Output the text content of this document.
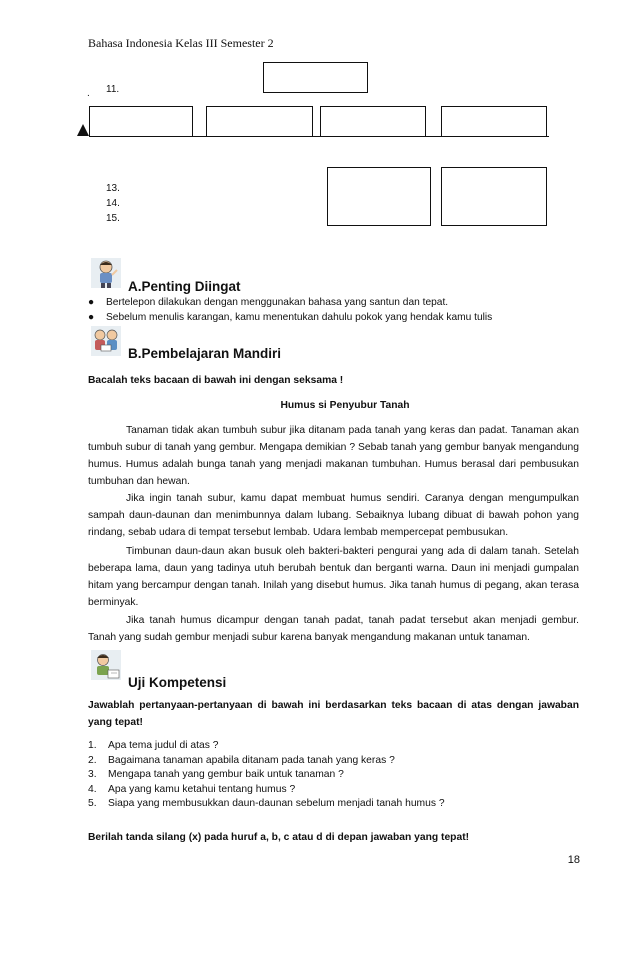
Bahasa Indonesia Kelas III Semester 2
. 11.
13.
14.
15.
A.Penting Diingat
● Bertelepon dilakukan dengan menggunakan bahasa yang santun dan tepat.
● Sebelum menulis karangan, kamu menentukan dahulu pokok yang hendak kamu tulis
B.Pembelajaran Mandiri
Bacalah teks bacaan di bawah ini dengan seksama !
Humus si Penyubur Tanah
Tanaman tidak akan tumbuh subur jika ditanam pada tanah yang keras dan padat. Tanaman akan tumbuh subur di tanah yang gembur. Mengapa demikian ? Sebab tanah yang gembur banyak mengandung humus. Humus adalah bunga tanah yang menjadi makanan tumbuhan. Humus berasal dari pembusukan tumbuhan dan hewan.
Jika ingin tanah subur, kamu dapat membuat humus sendiri. Caranya dengan mengumpulkan sampah daun-daunan dan menimbunnya dalam lubang. Sebaiknya lubang dibuat di bawah pohon yang rindang, sebab udara di tempat tersebut lembab. Udara lembab mempercepat pembusukan.
Timbunan daun-daun akan busuk oleh bakteri-bakteri pengurai yang ada di dalam tanah. Setelah beberapa lama, daun yang tadinya utuh berubah bentuk dan berganti warna. Daun ini menjadi gumpalan hitam yang bercampur dengan tanah. Inilah yang disebut humus. Jika tanah humus di pegang, akan terasa berminyak.
Jika tanah humus dicampur dengan tanah padat, tanah padat tersebut akan menjadi gembur. Tanah yang sudah gembur menjadi subur karena banyak mengandung makanan untuk tanaman.
Uji Kompetensi
Jawablah pertanyaan-pertanyaan di bawah ini berdasarkan teks bacaan di atas dengan jawaban yang tepat!
1. Apa tema judul di atas ?
2. Bagaimana tanaman apabila ditanam pada tanah yang keras ?
3. Mengapa tanah yang gembur baik untuk tanaman ?
4. Apa yang kamu ketahui tentang humus ?
5. Siapa yang membusukkan daun-daunan sebelum menjadi tanah humus ?
Berilah tanda silang (x) pada huruf a, b, c atau d di depan jawaban yang tepat!
18
